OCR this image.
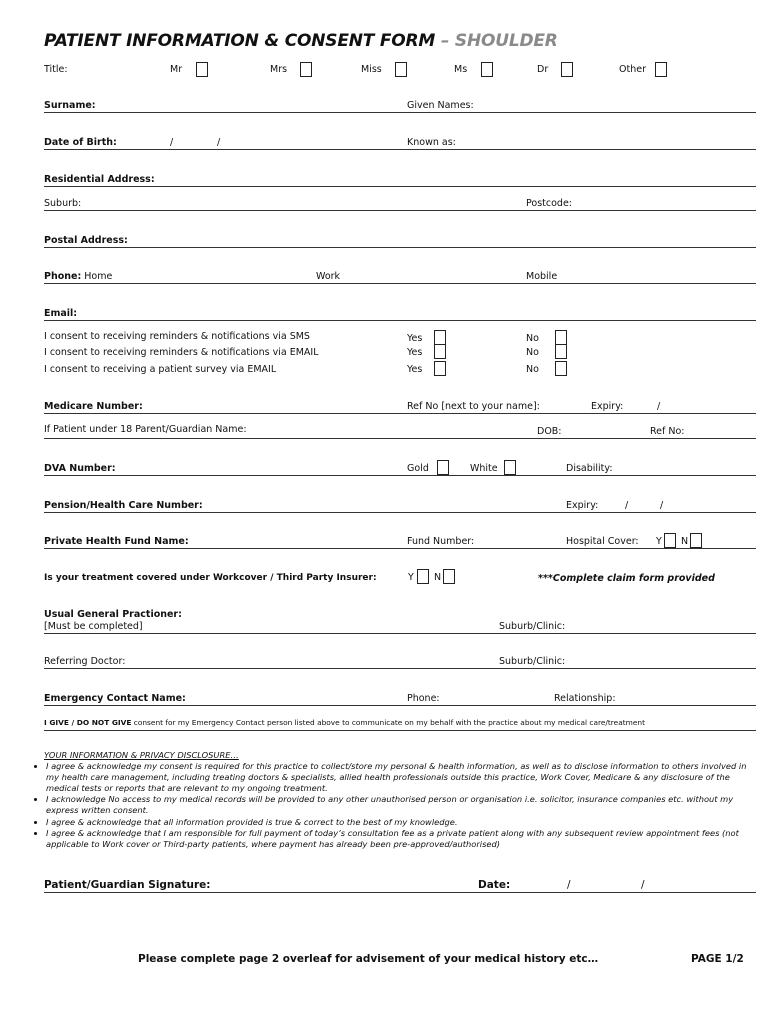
PATIENT INFORMATION & CONSENT FORM – SHOULDER
Title:	Mr	Mrs	Miss	Ms	Dr	Other
Surname:	Given Names:
Date of Birth:	/	/	Known as:
Residential Address:
Suburb:	Postcode:
Postal Address:
Phone: Home	Work	Mobile
Email:
I consent to receiving reminders & notifications via SMS	Yes	No
I consent to receiving reminders & notifications via EMAIL	Yes	No
I consent to receiving a patient survey via EMAIL	Yes	No
Medicare Number:	Ref No [next to your name]:	Expiry:	/
If Patient under 18 Parent/Guardian Name:	DOB:	Ref No:
DVA Number:	Gold	White	Disability:
Pension/Health Care Number:	Expiry:	/	/
Private Health Fund Name:	Fund Number:	Hospital Cover: Y N
Is your treatment covered under Workcover / Third Party Insurer:	Y N	***Complete claim form provided
Usual General Practioner:
[Must be completed]	Suburb/Clinic:
Referring Doctor:	Suburb/Clinic:
Emergency Contact Name:	Phone:	Relationship:
I GIVE / DO NOT GIVE consent for my Emergency Contact person listed above to communicate on my behalf with the practice about my medical care/treatment
YOUR INFORMATION & PRIVACY DISCLOSURE…
• I agree & acknowledge my consent is required for this practice to collect/store my personal & health information, as well as to disclose information to others involved in my health care management, including treating doctors & specialists, allied health professionals outside this practice, Work Cover, Medicare & any disclosure of the medical tests or reports that are relevant to my ongoing treatment.
• I acknowledge No access to my medical records will be provided to any other unauthorised person or organisation i.e. solicitor, insurance companies etc. without my express written consent.
• I agree & acknowledge that all information provided is true & correct to the best of my knowledge.
• I agree & acknowledge that I am responsible for full payment of today’s consultation fee as a private patient along with any subsequent review appointment fees (not applicable to Work cover or Third-party patients, where payment has already been pre-approved/authorised)
Patient/Guardian Signature:	Date:	/	/
Please complete page 2 overleaf for advisement of your medical history etc…	PAGE 1/2
